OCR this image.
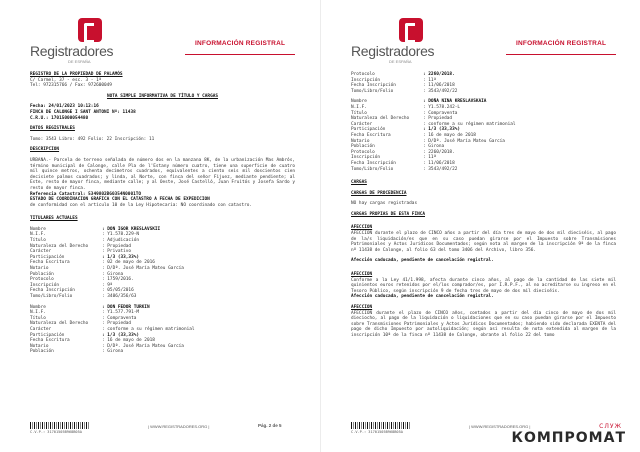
Registradores
DE ESPAÑA
INFORMACIÓN REGISTRAL
REGISTRO DE LA PROPIEDAD DE PALAMÓS
C/ Carmel, 37 - esc. 3 - 1ª
Tel: 972315766 / Fax: 972600049
NOTA SIMPLE INFORMATIVA DE TÍTULO Y CARGAS
Fecha: 24/01/2023 10:12:16
FINCA DE CALONGE I SANT ANTONI Nº: 11438
C.R.U.: 17015000054480
DATOS REGISTRALES
Tomo: 3543 Libro: 492 Folio: 22 Inscripción: 11
DESCRIPCION
URBANA.- Parcela de terreno señalada de número dos en la manzana 8K, de la urbanización Mas Ambrós, término municipal de Calonge, calle Pla de l'Estany número cuatro, tiene una superficie de cuatro mil quince metros, ochenta decímetros cuadrados, equivalentes a ciento seis mil doscientos cien decisiete palmos cuadrados; y linda, al Norte, con finca del señor Fijuez, mediante pendiente; al Este, resto de mayor finca, mediante calle; y al Oeste, José Castelló, Juan Fruitós y Josefa Sardo y resto de mayor finca.
Referencia Catastral: 5349802BG0354N0001TO
ESTADO DE COORDINACION GRAFICA CON EL CATASTRO A FECHA DE EXPEDICION
de conformidad con el artículo 10 de la Ley Hipotecaria: NO coordinado con catastro.
TITULARES ACTUALES
Nombre	: DON IGOR KRESLAVSKII
N.I.F.	: Y1.578.229-N
Título	: Adjudicación
Naturaleza del Derecho	: Propiedad
Carácter	: Privativo
Participación	: 1/3 (33,33%)
Fecha Escritura	: 02 de mayo de 2016
Notario	: D/Dª. José María Mateu García
Población	: Girona
Protocolo	: 1759/2016.
Inscripción	: 9ª
Fecha Inscripción	: 05/05/2016
Tomo/Libro/Folio	: 3406/356/63
Nombre	: DON FEDOR TURKIN
N.I.F.	: Y1.577.791-M
Título	: Compraventa
Naturaleza del Derecho	: Propiedad
Carácter	: conforme a su régimen matrimonial
Participación	: 1/3 (33,33%)
Fecha Escritura	: 16 de mayo de 2018
Notario	: D/Dª. José María Mateu García
Población	: Girona
C.V.P.: 31701505B968B05A
| WWW.REGISTRADORES.ORG |	Pág. 2 de 5
Registradores
DE ESPAÑA
INFORMACIÓN REGISTRAL
Protocolo	: 2260/2018.
Inscripción	: 11ª
Fecha Inscripción	: 11/06/2018
Tomo/Libro/Folio	: 3543/492/22
Nombre	: DOÑA NINA KRESLAVSKAIA
N.I.F.	: Y1.578.242-L
Título	: Compraventa
Naturaleza del Derecho	: Propiedad
Carácter	: conforme a su régimen matrimonial
Participación	: 1/3 (33,33%)
Fecha Escritura	: 16 de mayo de 2018
Notario	: D/Dª. José María Mateu García
Población	: Girona
Protocolo	: 2260/2018.
Inscripción	: 11ª
Fecha Inscripción	: 11/06/2018
Tomo/Libro/Folio	: 3543/492/22
CARGAS
CARGAS DE PROCEDENCIA
NO hay cargas registradas
CARGAS PROPIAS DE ESTA FINCA
AFECCION
AFECCION durante el plazo de CINCO años a partir del día tres de mayo de dos mil dieciséis, al pago de la/s liquidación/es que en su caso puedan girarse por el Impuesto sobre Transmisiones Patrimoniales y Actos Jurídicos Documentados; según nota al margen de la inscripción 9ª de la finca nº 11438 de Calonge, al folio 63 del tomo 3406 del Archivo, libro 356.
Afección caducada, pendiente de cancelación registral.
AFECCION
Conforme a la Ley 41/1.998, afecta durante cinco años, al pago de la cantidad de las siete mil quinientos euros retenidos por el/los comprador/es, por I.R.P.F., al no acreditarse su ingreso en el Tesoro Público, según inscripción 9 de fecha tres de mayo de dos mil dieciséis.
Afección caducada, pendiente de cancelación registral.
AFECCION
AFECCION durante el plazo de CINCO años, contados a partir del día cinco de mayo de dos mil dieciocho, al pago de la liquidación o liquidaciones que en su caso puedan girarse por el Impuesto sobre Transmisiones Patrimoniales y Actos Jurídicos Documentados; habiendo sido declarada EXENTA del pago de dicho Impuesto por autoliquidación; según así resulta de nota extendida al margen de la inscripción 10ª de la finca nº 11438 de Calonge, obrante al folio 22 del tomo
C.V.P.: 31701505B968B05A
| WWW.REGISTRADORES.ORG |	СЛУЖ
КОМПРОМАТ
